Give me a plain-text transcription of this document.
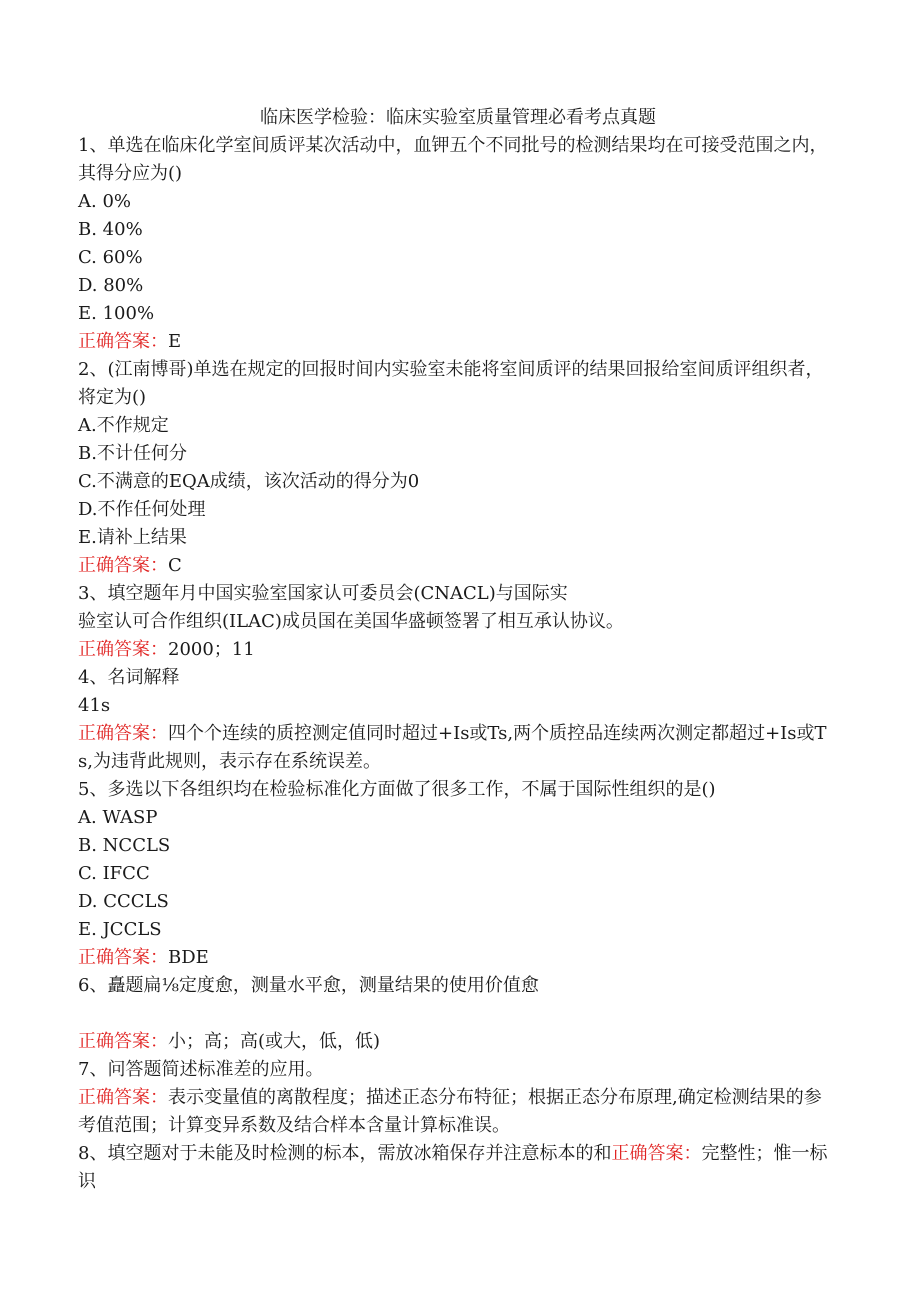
临床医学检验：临床实验室质量管理必看考点真题

1、单选在临床化学室间质评某次活动中，血钾五个不同批号的检测结果均在可接受范围之内，其得分应为()

A. 0%

B. 40%

C. 60%

D. 80%

E. 100%

正确答案：E

2、(江南博哥)单选在规定的回报时间内实验室未能将室间质评的结果回报给室间质评组织者，将定为()

A.不作规定

B.不计任何分

C.不满意的EQA成绩，该次活动的得分为0

D.不作任何处理

E.请补上结果

正确答案：C

3、填空题年月中国实验室国家认可委员会(CNACL)与国际实

验室认可合作组织(ILAC)成员国在美国华盛顿签署了相互承认协议。

正确答案：2000；11

4、名词解释

41s

正确答案：四个个连续的质控测定值同时超过+Is或Ts,两个质控品连续两次测定都超过+Is或Ts,为违背此规则，表示存在系统误差。

5、多选以下各组织均在检验标准化方面做了很多工作，不属于国际性组织的是()

A. WASP

B. NCCLS

C. IFCC

D. CCCLS

E. JCCLS

正确答案：BDE

6、矗题扁⅛定度愈，测量水平愈，测量结果的使用价值愈

正确答案：小；高；高(或大，低，低)

7、问答题简述标准差的应用。

正确答案：表示变量值的离散程度；描述正态分布特征；根据正态分布原理,确定检测结果的参考值范围；计算变异系数及结合样本含量计算标准误。

8、填空题对于未能及时检测的标本，需放冰箱保存并注意标本的和正确答案：完整性；惟一标识
